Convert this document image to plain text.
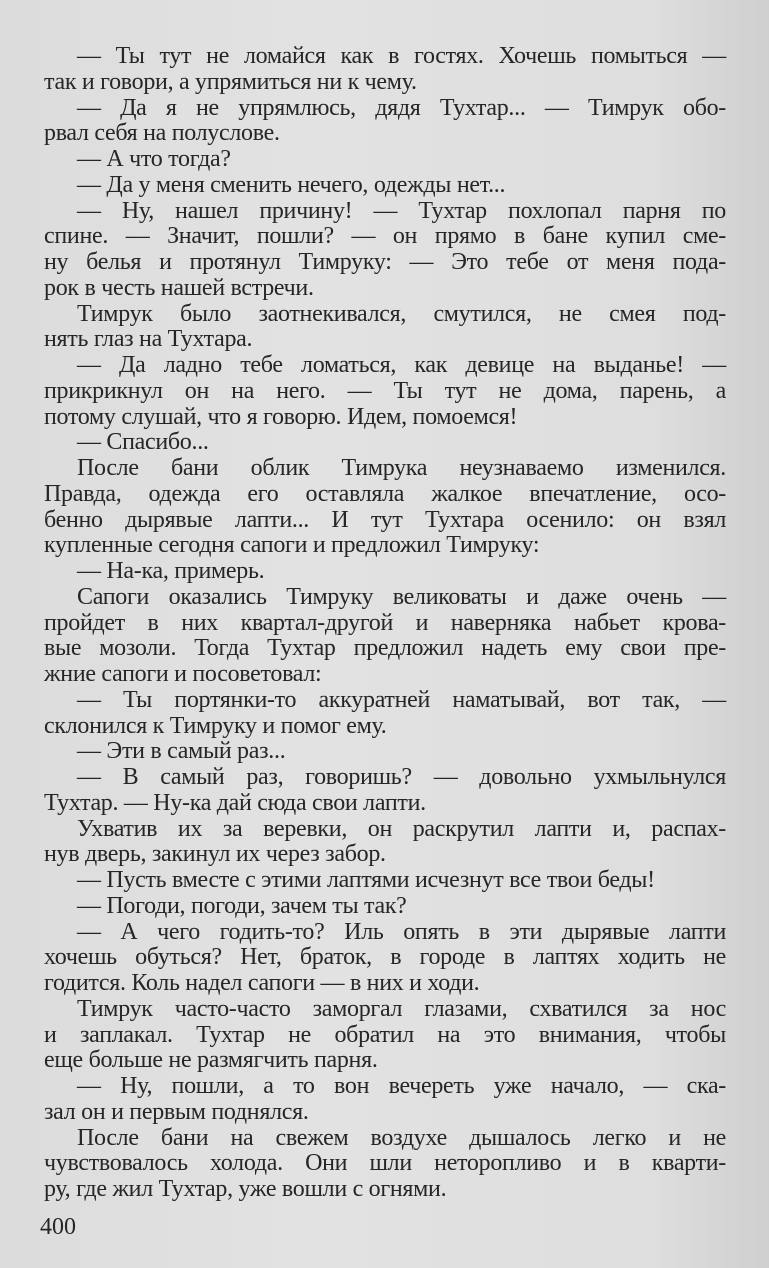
— Ты тут не ломайся как в гостях. Хочешь помыться —
так и говори, а упрямиться ни к чему.
— Да я не упрямлюсь, дядя Тухтар... — Тимрук обо-
рвал себя на полуслове.
— А что тогда?
— Да у меня сменить нечего, одежды нет...
— Ну, нашел причину! — Тухтар похлопал парня по
спине. — Значит, пошли? — он прямо в бане купил сме-
ну белья и протянул Тимруку: — Это тебе от меня пода-
рок в честь нашей встречи.
Тимрук было заотнекивался, смутился, не смея под-
нять глаз на Тухтара.
— Да ладно тебе ломаться, как девице на выданье! —
прикрикнул он на него. — Ты тут не дома, парень, а
потому слушай, что я говорю. Идем, помоемся!
— Спасибо...
После бани облик Тимрука неузнаваемо изменился.
Правда, одежда его оставляла жалкое впечатление, осо-
бенно дырявые лапти... И тут Тухтара осенило: он взял
купленные сегодня сапоги и предложил Тимруку:
— На-ка, примерь.
Сапоги оказались Тимруку великоваты и даже очень —
пройдет в них квартал-другой и наверняка набьет крова-
вые мозоли. Тогда Тухтар предложил надеть ему свои пре-
жние сапоги и посоветовал:
— Ты портянки-то аккуратней наматывай, вот так, —
склонился к Тимруку и помог ему.
— Эти в самый раз...
— В самый раз, говоришь? — довольно ухмыльнулся
Тухтар. — Ну-ка дай сюда свои лапти.
Ухватив их за веревки, он раскрутил лапти и, распах-
нув дверь, закинул их через забор.
— Пусть вместе с этими лаптями исчезнут все твои беды!
— Погоди, погоди, зачем ты так?
— А чего годить-то? Иль опять в эти дырявые лапти
хочешь обуться? Нет, браток, в городе в лаптях ходить не
годится. Коль надел сапоги — в них и ходи.
Тимрук часто-часто заморгал глазами, схватился за нос
и заплакал. Тухтар не обратил на это внимания, чтобы
еще больше не размягчить парня.
— Ну, пошли, а то вон вечереть уже начало, — ска-
зал он и первым поднялся.
После бани на свежем воздухе дышалось легко и не
чувствовалось холода. Они шли неторопливо и в кварти-
ру, где жил Тухтар, уже вошли с огнями.
400
